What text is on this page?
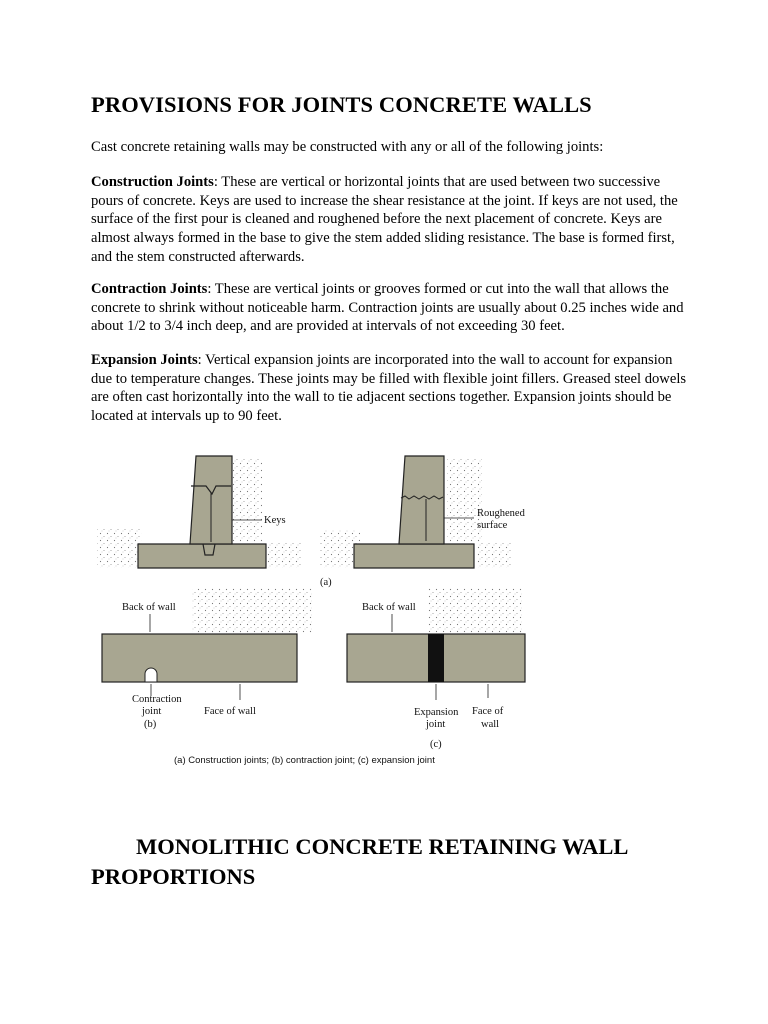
PROVISIONS FOR JOINTS CONCRETE WALLS

Cast concrete retaining walls may be constructed with any or all of the following joints:

Construction Joints: These are vertical or horizontal joints that are used between two successive pours of concrete. Keys are used to increase the shear resistance at the joint. If keys are not used, the surface of the first pour is cleaned and roughened before the next placement of concrete. Keys are almost always formed in the base to give the stem added sliding resistance. The base is formed first, and the stem constructed afterwards.

Contraction Joints: These are vertical joints or grooves formed or cut into the wall that allows the concrete to shrink without noticeable harm. Contraction joints are usually about 0.25 inches wide and about 1/2 to 3/4 inch deep, and are provided at intervals of not exceeding 30 feet.

Expansion Joints: Vertical expansion joints are incorporated into the wall to account for expansion due to temperature changes. These joints may be filled with flexible joint fillers. Greased steel dowels are often cast horizontally into the wall to tie adjacent sections together. Expansion joints should be located at intervals up to 90 feet.

Keys
Roughened
surface
(a)
Back of wall
Contraction
joint
(b)
Face of wall
Back of wall
Expansion
joint
(c)
Face of
wall
(a) Construction joints; (b) contraction joint; (c) expansion joint
MONOLITHIC CONCRETE RETAINING WALL PROPORTIONS
